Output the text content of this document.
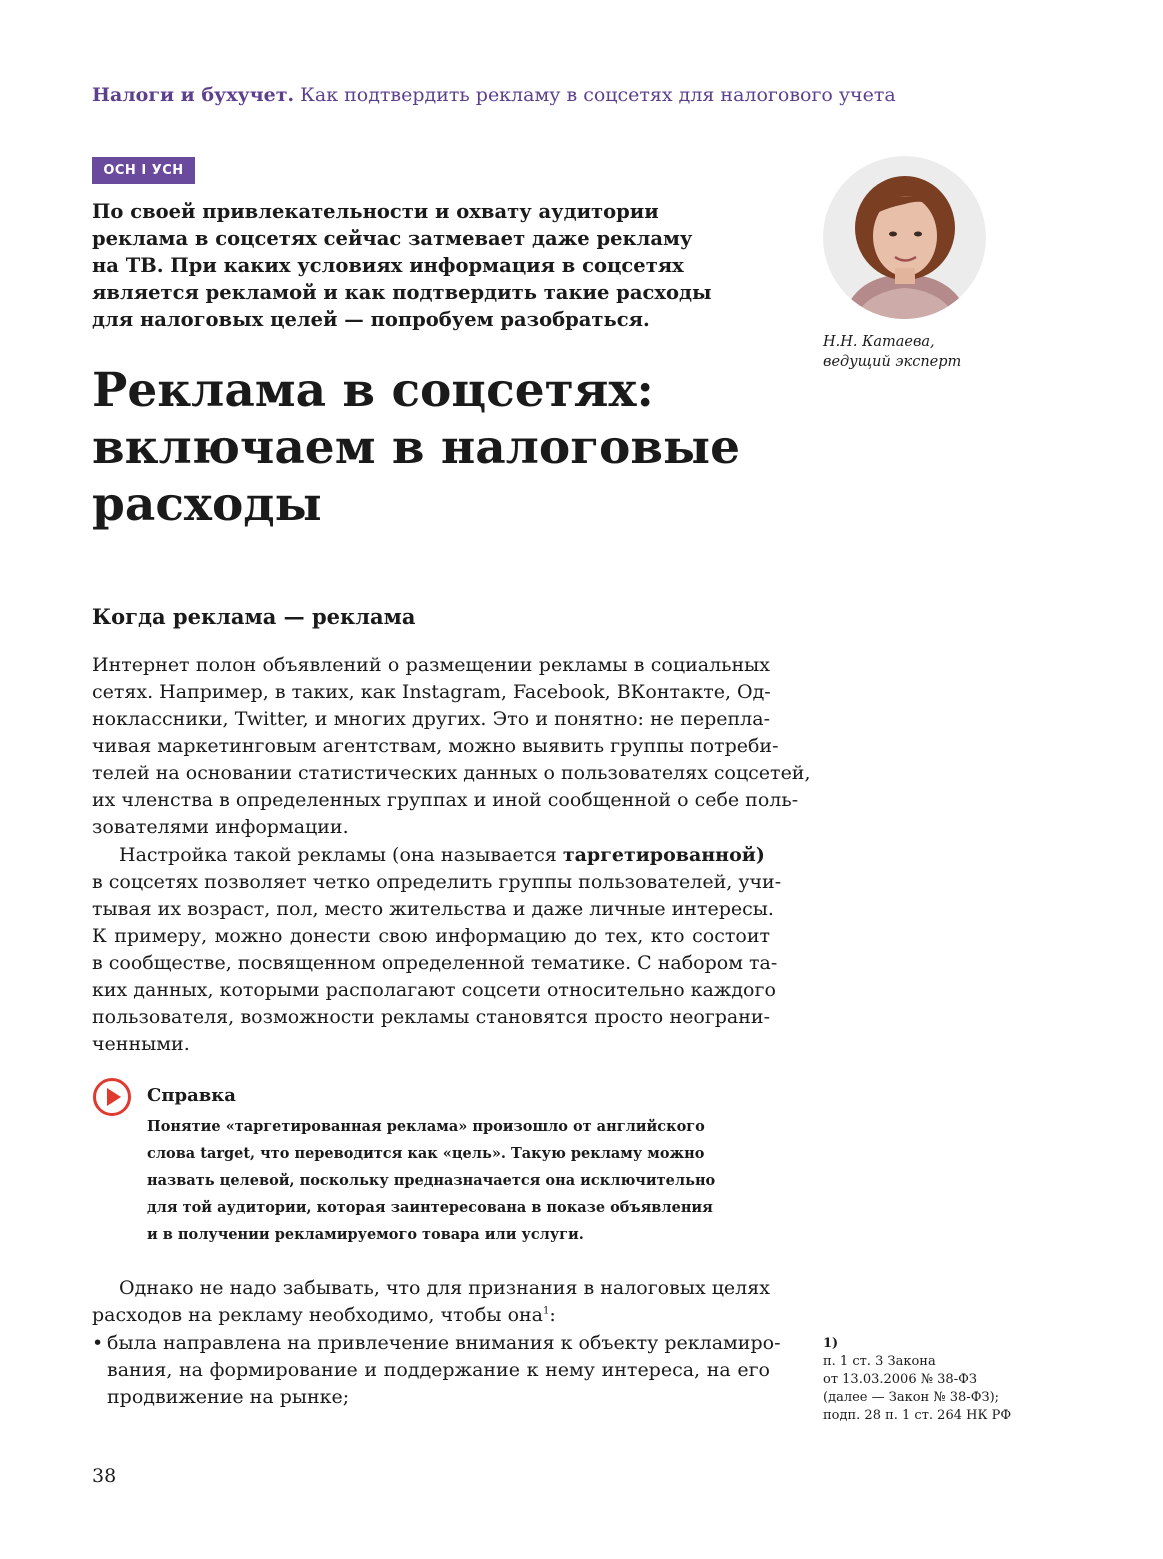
Налоги и бухучет. Как подтвердить рекламу в соцсетях для налогового учета
ОСН І УСН
По своей привлекательности и охвату аудитории
реклама в соцсетях сейчас затмевает даже рекламу
на ТВ. При каких условиях информация в соцсетях
является рекламой и как подтвердить такие расходы
для налоговых целей — попробуем разобраться.
Н.Н. Катаева,
ведущий эксперт
Реклама в соцсетях:
включаем в налоговые
расходы
Когда реклама — реклама
Интернет полон объявлений о размещении рекламы в социальных
сетях. Например, в таких, как Instagram, Facebook, ВКонтакте, Од-
ноклассники, Twitter, и многих других. Это и понятно: не перепла-
чивая маркетинговым агентствам, можно выявить группы потреби-
телей на основании статистических данных о пользователях соцсетей,
их членства в определенных группах и иной сообщенной о себе поль-
зователями информации.
Настройка такой рекламы (она называется таргетированной)
в соцсетях позволяет четко определить группы пользователей, учи-
тывая их возраст, пол, место жительства и даже личные интересы.
К примеру, можно донести свою информацию до тех, кто состоит
в сообществе, посвященном определенной тематике. С набором та-
ких данных, которыми располагают соцсети относительно каждого
пользователя, возможности рекламы становятся просто неограни-
ченными.
Справка
Понятие «таргетированная реклама» произошло от английского
слова target, что переводится как «цель». Такую рекламу можно
назвать целевой, поскольку предназначается она исключительно
для той аудитории, которая заинтересована в показе объявления
и в получении рекламируемого товара или услуги.
Однако не надо забывать, что для признания в налоговых целях
расходов на рекламу необходимо, чтобы она$^1$:
• была направлена на привлечение внимания к объекту рекламиро-
вания, на формирование и поддержание к нему интереса, на его
продвижение на рынке;
1)
п. 1 ст. 3 Закона
от 13.03.2006 № 38-ФЗ
(далее — Закон № 38-ФЗ);
подп. 28 п. 1 ст. 264 НК РФ
38
